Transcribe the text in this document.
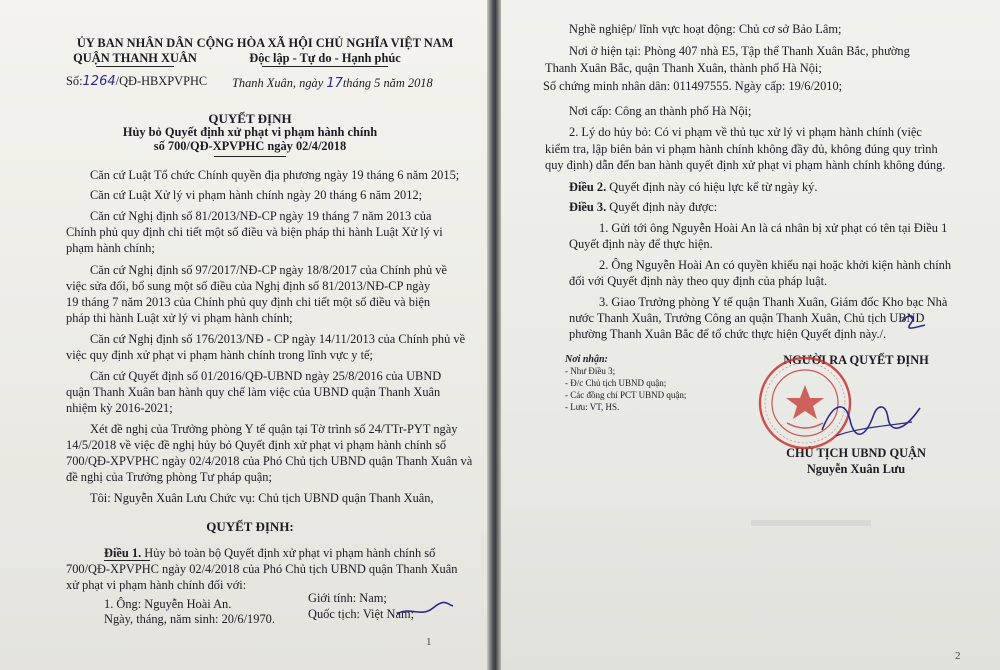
ỦY BAN NHÂN DÂN
QUẬN THANH XUÂN
CỘNG HÒA XÃ HỘI CHỦ NGHĨA VIỆT NAM
Độc lập - Tự do - Hạnh phúc
Số:1264/QĐ-HBXPVPHC Thanh Xuân, ngày 17tháng 5 năm 2018
QUYẾT ĐỊNH
Hủy bỏ Quyết định xử phạt vi phạm hành chính
số 700/QĐ-XPVPHC ngày 02/4/2018
Căn cứ Luật Tổ chức Chính quyền địa phương ngày 19 tháng 6 năm 2015;
Căn cứ Luật Xử lý vi phạm hành chính ngày 20 tháng 6 năm 2012;
Căn cứ Nghị định số 81/2013/NĐ-CP ngày 19 tháng 7 năm 2013 của
Chính phủ quy định chi tiết một số điều và biện pháp thi hành Luật Xử lý vi
phạm hành chính;
Căn cứ Nghị định số 97/2017/NĐ-CP ngày 18/8/2017 của Chính phủ về
việc sửa đổi, bổ sung một số điều của Nghị định số 81/2013/NĐ-CP ngày
19 tháng 7 năm 2013 của Chính phủ quy định chi tiết một số điều và biện
pháp thi hành Luật xử lý vi phạm hành chính;
Căn cứ Nghị định số 176/2013/NĐ - CP ngày 14/11/2013 của Chính phủ về
việc quy định xử phạt vi phạm hành chính trong lĩnh vực y tế;
Căn cứ Quyết định số 01/2016/QĐ-UBND ngày 25/8/2016 của UBND
quận Thanh Xuân ban hành quy chế làm việc của UBND quận Thanh Xuân
nhiệm kỳ 2016-2021;
Xét đề nghị của Trưởng phòng Y tế quận tại Tờ trình số 24/TTr-PYT ngày
14/5/2018 về việc đề nghị hủy bỏ Quyết định xử phạt vi phạm hành chính số
700/QĐ-XPVPHC ngày 02/4/2018 của Phó Chủ tịch UBND quận Thanh Xuân và
đề nghị của Trưởng phòng Tư pháp quận;
Tôi: Nguyễn Xuân Lưu Chức vụ: Chủ tịch UBND quận Thanh Xuân,
QUYẾT ĐỊNH:
Điều 1. Hủy bỏ toàn bộ Quyết định xử phạt vi phạm hành chính số
700/QĐ-XPVPHC ngày 02/4/2018 của Phó Chủ tịch UBND quận Thanh Xuân
xử phạt vi phạm hành chính đối với:
1. Ông: Nguyễn Hoài An.	Giới tính: Nam;
Ngày, tháng, năm sinh: 20/6/1970.	Quốc tịch: Việt Nam;
1
Nghề nghiệp/ lĩnh vực hoạt động: Chủ cơ sở Bảo Lâm;
Nơi ở hiện tại: Phòng 407 nhà E5, Tập thể Thanh Xuân Bắc, phường
Thanh Xuân Bắc, quận Thanh Xuân, thành phố Hà Nội;
Số chứng minh nhân dân: 011497555. Ngày cấp: 19/6/2010;
Nơi cấp: Công an thành phố Hà Nội;
2. Lý do hủy bỏ: Có vi phạm về thủ tục xử lý vi phạm hành chính (việc
kiểm tra, lập biên bản vi phạm hành chính không đầy đủ, không đúng quy trình
quy định) dẫn đến ban hành quyết định xử phạt vi phạm hành chính không đúng.
Điều 2. Quyết định này có hiệu lực kể từ ngày ký.
Điều 3. Quyết định này được:
1. Gửi tới ông Nguyễn Hoài An là cá nhân bị xử phạt có tên tại Điều 1
Quyết định này để thực hiện.
2. Ông Nguyễn Hoài An có quyền khiếu nại hoặc khởi kiện hành chính
đối với Quyết định này theo quy định của pháp luật.
3. Giao Trưởng phòng Y tế quận Thanh Xuân, Giám đốc Kho bạc Nhà
nước Thanh Xuân, Trưởng Công an quận Thanh Xuân, Chủ tịch UBND
phường Thanh Xuân Bắc để tổ chức thực hiện Quyết định này./.
Nơi nhận:
- Như Điều 3;
- Đ/c Chủ tịch UBND quận;
- Các đồng chí PCT UBND quận;
- Lưu: VT, HS.
NGƯỜI RA QUYẾT ĐỊNH
CHỦ TỊCH UBND QUẬN
Nguyễn Xuân Lưu
2
